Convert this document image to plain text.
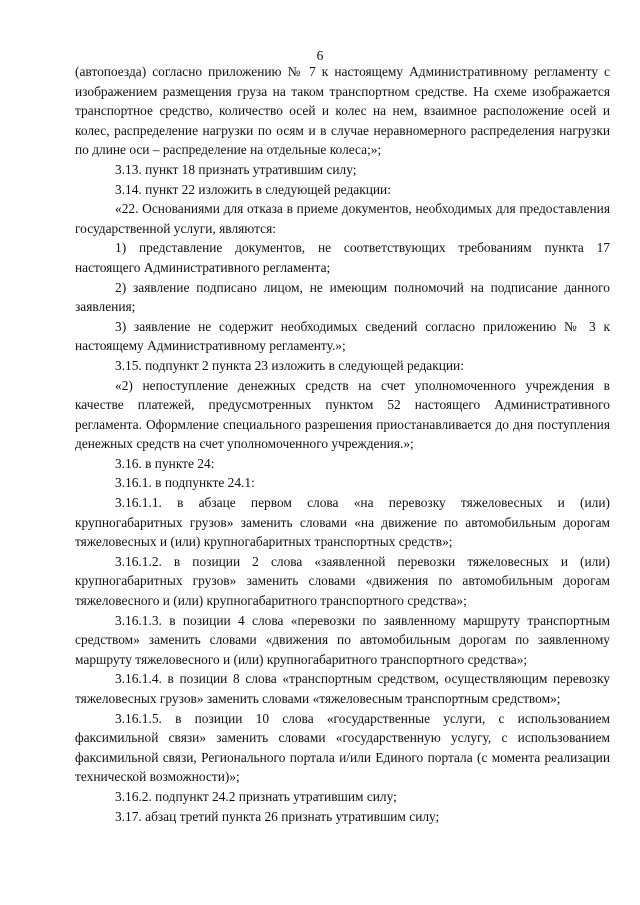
6

(автопоезда) согласно приложению № 7 к настоящему Административному регламенту с изображением размещения груза на таком транспортном средстве. На схеме изображается транспортное средство, количество осей и колес на нем, взаимное расположение осей и колес, распределение нагрузки по осям и в случае неравномерного распределения нагрузки по длине оси – распределение на отдельные колеса;»;

3.13. пункт 18 признать утратившим силу;

3.14. пункт 22 изложить в следующей редакции:

«22. Основаниями для отказа в приеме документов, необходимых для предоставления государственной услуги, являются:

1) представление документов, не соответствующих требованиям пункта 17 настоящего Административного регламента;

2) заявление подписано лицом, не имеющим полномочий на подписание данного заявления;

3) заявление не содержит необходимых сведений согласно приложению № 3 к настоящему Административному регламенту.»;

3.15. подпункт 2 пункта 23 изложить в следующей редакции:

«2) непоступление денежных средств на счет уполномоченного учреждения в качестве платежей, предусмотренных пунктом 52 настоящего Административного регламента. Оформление специального разрешения приостанавливается до дня поступления денежных средств на счет уполномоченного учреждения.»;

3.16. в пункте 24:

3.16.1. в подпункте 24.1:

3.16.1.1. в абзаце первом слова «на перевозку тяжеловесных и (или) крупногабаритных грузов» заменить словами «на движение по автомобильным дорогам тяжеловесных и (или) крупногабаритных транспортных средств»;

3.16.1.2. в позиции 2 слова «заявленной перевозки тяжеловесных и (или) крупногабаритных грузов» заменить словами «движения по автомобильным дорогам тяжеловесного и (или) крупногабаритного транспортного средства»;

3.16.1.3. в позиции 4 слова «перевозки по заявленному маршруту транспортным средством» заменить словами «движения по автомобильным дорогам по заявленному маршруту тяжеловесного и (или) крупногабаритного транспортного средства»;

3.16.1.4. в позиции 8 слова «транспортным средством, осуществляющим перевозку тяжеловесных грузов» заменить словами «тяжеловесным транспортным средством»;

3.16.1.5. в позиции 10 слова «государственные услуги, с использованием факсимильной связи» заменить словами «государственную услугу, с использованием факсимильной связи, Регионального портала и/или Единого портала (с момента реализации технической возможности)»;

3.16.2. подпункт 24.2 признать утратившим силу;

3.17. абзац третий пункта 26 признать утратившим силу;
